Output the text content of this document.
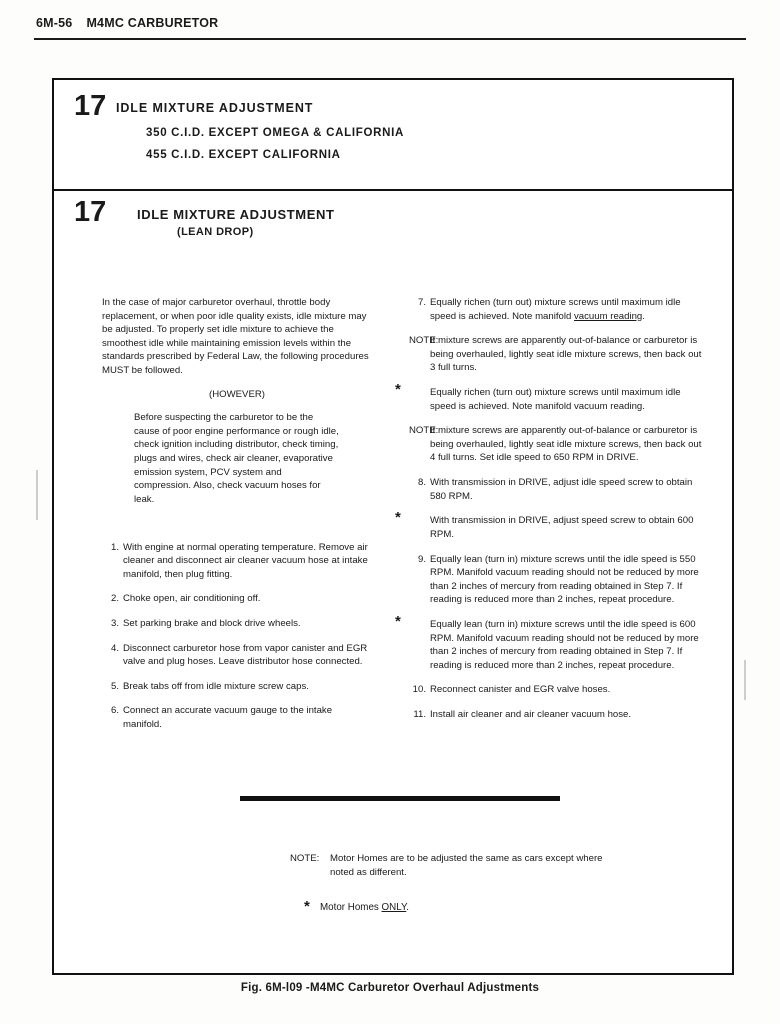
6M-56 M4MC CARBURETOR
17 IDLE MIXTURE ADJUSTMENT
350 C.I.D. EXCEPT OMEGA & CALIFORNIA
455 C.I.D. EXCEPT CALIFORNIA
17 IDLE MIXTURE ADJUSTMENT
(LEAN DROP)

In the case of major carburetor overhaul, throttle body replacement, or when poor idle quality exists, idle mixture may be adjusted. To properly set idle mixture to achieve the smoothest idle while maintaining emission levels within the standards prescribed by Federal Law, the following procedures MUST be followed.

(HOWEVER)
Before suspecting the carburetor to be the cause of poor engine performance or rough idle, check ignition including distributor, check timing, plugs and wires, check air cleaner, evaporative emission system, PCV system and compression. Also, check vacuum hoses for leak.
1. With engine at normal operating temperature. Remove air cleaner and disconnect air cleaner vacuum hose at intake manifold, then plug fitting.
2. Choke open, air conditioning off.
3. Set parking brake and block drive wheels.
4. Disconnect carburetor hose from vapor canister and EGR valve and plug hoses. Leave distributor hose connected.
5. Break tabs off from idle mixture screw caps.
6. Connect an accurate vacuum gauge to the intake manifold.
7. Equally richen (turn out) mixture screws until maximum idle speed is achieved. Note manifold vacuum reading.
NOTE:
If mixture screws are apparently out-of-balance or carburetor is being overhauled, lightly seat idle mixture screws, then back out 3 full turns.
*	Equally richen (turn out) mixture screws until maximum idle speed is achieved. Note manifold vacuum reading.
NOTE:
If mixture screws are apparently out-of-balance or carburetor is being overhauled, lightly seat idle mixture screws, then back out 4 full turns. Set idle speed to 650 RPM in DRIVE.
8. With transmission in DRIVE, adjust idle speed screw to obtain 580 RPM.
*	With transmission in DRIVE, adjust speed screw to obtain 600 RPM.
9. Equally lean (turn in) mixture screws until the idle speed is 550 RPM. Manifold vacuum reading should not be reduced by more than 2 inches of mercury from reading obtained in Step 7. If reading is reduced more than 2 inches, repeat procedure.
*	Equally lean (turn in) mixture screws until the idle speed is 600 RPM. Manifold vacuum reading should not be reduced by more than 2 inches of mercury from reading obtained in Step 7. If reading is reduced more than 2 inches, repeat procedure.
10. Reconnect canister and EGR valve hoses.
11. Install air cleaner and air cleaner vacuum hose.
NOTE: Motor Homes are to be adjusted the same as cars except where noted as different.
* Motor Homes ONLY.
Fig. 6M-l09 -M4MC Carburetor Overhaul Adjustments
